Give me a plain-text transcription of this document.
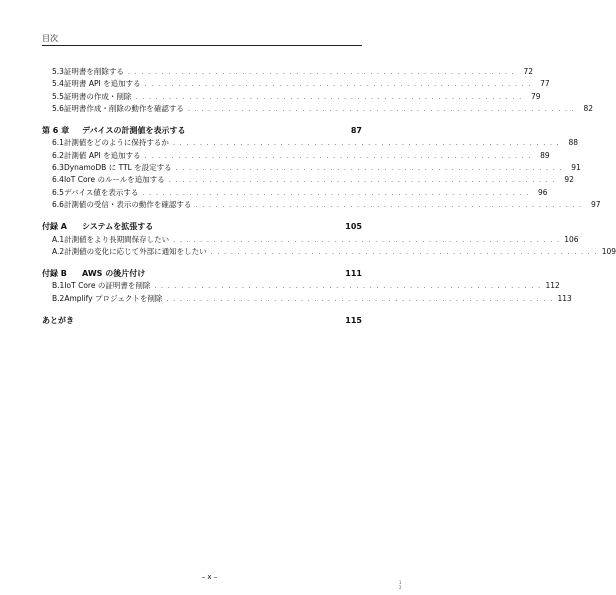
目次
5.3 証明書を削除する . . . . . . . . . . . . . . . . . . . . . . . . . . . . . . . . . . . . . . . . . . . . . . . . . . . . . . . . . .	72
5.4 証明書 API を追加する . . . . . . . . . . . . . . . . . . . . . . . . . . . . . . . . . . . . . . . . . . . . . . . . . . . . . . . . . .	77
5.5 証明書の作成・削除 . . . . . . . . . . . . . . . . . . . . . . . . . . . . . . . . . . . . . . . . . . . . . . . . . . . . . . . . . .	79
5.6 証明書作成・削除の動作を確認する . . . . . . . . . . . . . . . . . . . . . . . . . . . . . . . . . . . . . . . . . . . . . . . . . . . . . . . . . .	82
第 6 章	デバイスの計測値を表示する	87
6.1 計測値をどのように保持するか . . . . . . . . . . . . . . . . . . . . . . . . . . . . . . . . . . . . . . . . . . . . . . . . . . . . . . . . . .	88
6.2 計測値 API を追加する . . . . . . . . . . . . . . . . . . . . . . . . . . . . . . . . . . . . . . . . . . . . . . . . . . . . . . . . . .	89
6.3 DynamoDB に TTL を設定する . . . . . . . . . . . . . . . . . . . . . . . . . . . . . . . . . . . . . . . . . . . . . . . . . . . . . . . . . .	91
6.4 IoT Core のルールを追加する . . . . . . . . . . . . . . . . . . . . . . . . . . . . . . . . . . . . . . . . . . . . . . . . . . . . . . . . . .	92
6.5 デバイス値を表示する . . . . . . . . . . . . . . . . . . . . . . . . . . . . . . . . . . . . . . . . . . . . . . . . . . . . . . . . . .	96
6.6 計測値の受信・表示の動作を確認する . . . . . . . . . . . . . . . . . . . . . . . . . . . . . . . . . . . . . . . . . . . . . . . . . . . . . . . . . .	97
付録 A	システムを拡張する	105
A.1 計測値をより長期間保存したい . . . . . . . . . . . . . . . . . . . . . . . . . . . . . . . . . . . . . . . . . . . . . . . . . . . . . . . . . . 106
A.2 計測値の変化に応じて外部に通知をしたい . . . . . . . . . . . . . . . . . . . . . . . . . . . . . . . . . . . . . . . . . . . . . . . . . . . . . . . . . . 109
付録 B	AWS の後片付け	111
B.1 IoT Core の証明書を削除 . . . . . . . . . . . . . . . . . . . . . . . . . . . . . . . . . . . . . . . . . . . . . . . . . . . . . . . . . . 112
B.2 Amplify プロジェクトを削除 . . . . . . . . . . . . . . . . . . . . . . . . . . . . . . . . . . . . . . . . . . . . . . . . . . . . . . . . . . 113
あとがき	115
– x –
1
2
